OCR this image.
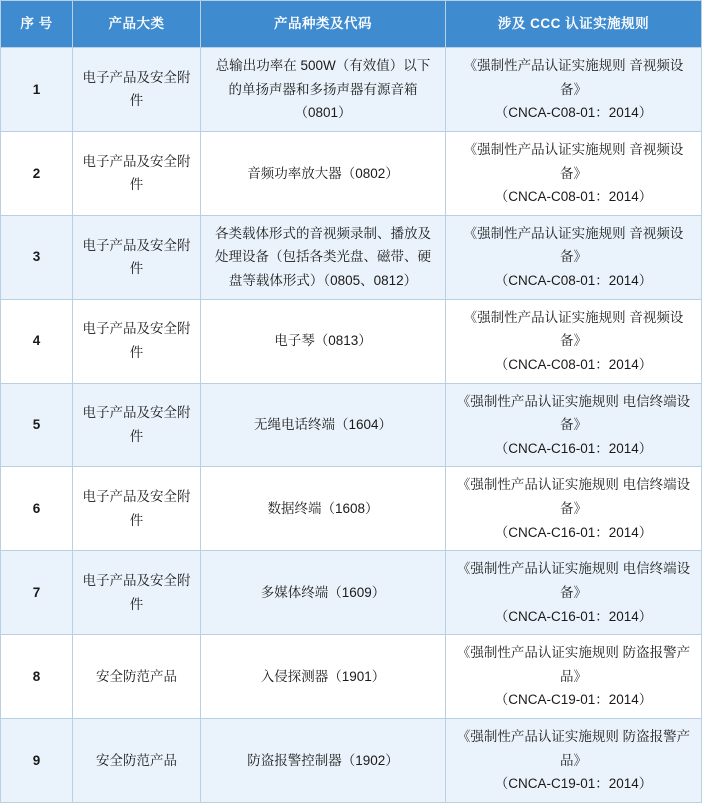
序 号	产品大类	产品种类及代码	涉及 CCC 认证实施规则
1	电子产品及安全附件	总输出功率在 500W（有效值）以下的单扬声器和多扬声器有源音箱（0801）	《强制性产品认证实施规则 音视频设备》
（CNCA-C08-01：2014）

2	电子产品及安全附件	音频功率放大器（0802）	《强制性产品认证实施规则 音视频设备》
（CNCA-C08-01：2014）

3	电子产品及安全附件	各类载体形式的音视频录制、播放及处理设备（包括各类光盘、磁带、硬盘等载体形式）（0805、0812）	《强制性产品认证实施规则 音视频设备》
（CNCA-C08-01：2014）

4	电子产品及安全附件	电子琴（0813）	《强制性产品认证实施规则 音视频设备》
（CNCA-C08-01：2014）

5	电子产品及安全附件	无绳电话终端（1604）	《强制性产品认证实施规则 电信终端设备》
（CNCA-C16-01：2014）

6	电子产品及安全附件	数据终端（1608）	《强制性产品认证实施规则 电信终端设备》
（CNCA-C16-01：2014）

7	电子产品及安全附件	多媒体终端（1609）	《强制性产品认证实施规则 电信终端设备》
（CNCA-C16-01：2014）

8	安全防范产品	入侵探测器（1901）	《强制性产品认证实施规则 防盗报警产品》
（CNCA-C19-01：2014）

9	安全防范产品	防盗报警控制器（1902）	《强制性产品认证实施规则 防盗报警产品》
（CNCA-C19-01：2014）
